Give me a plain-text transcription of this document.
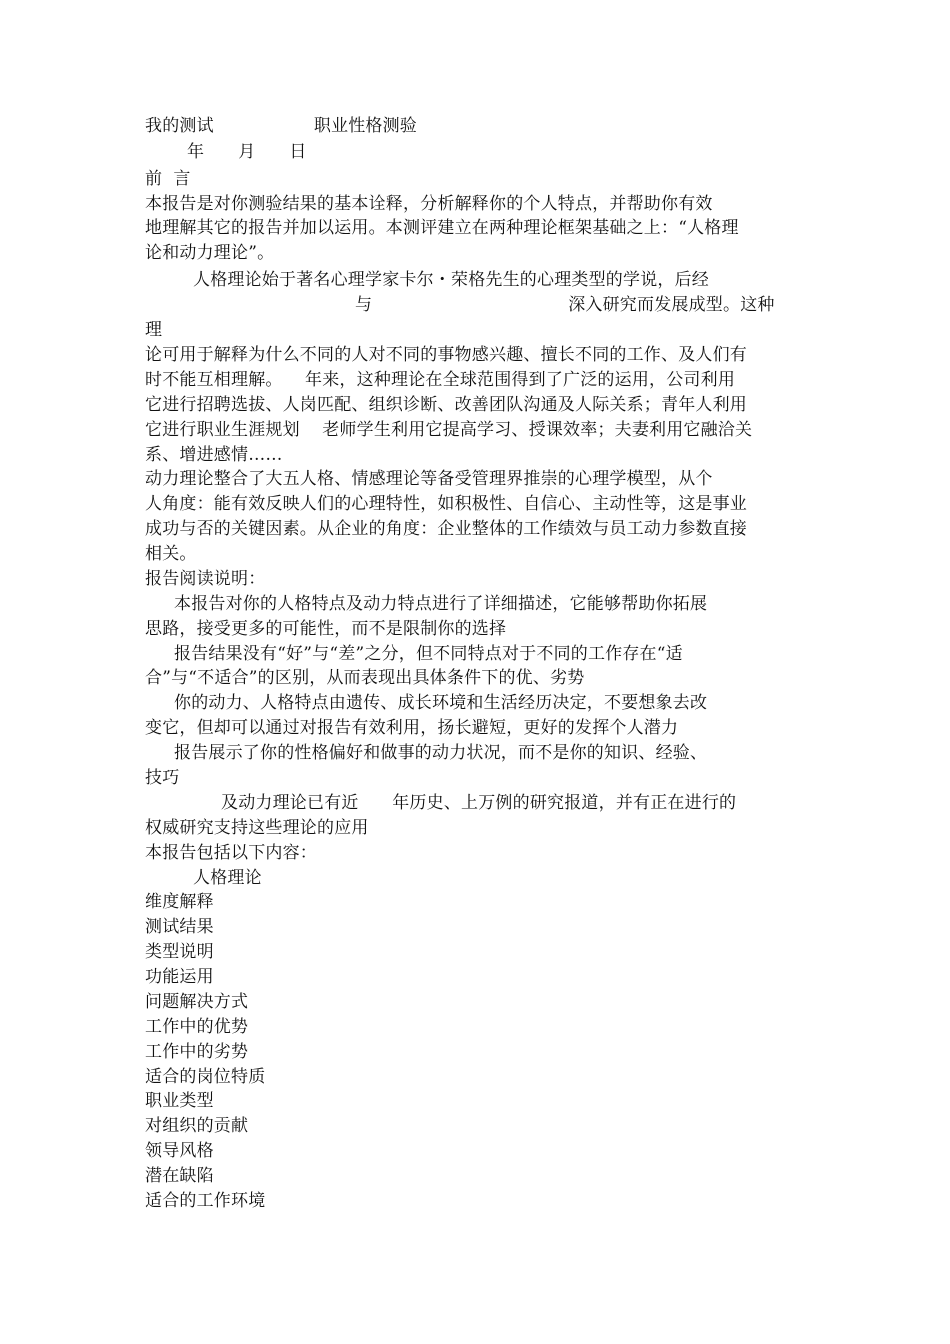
我的测试	职业性格测验
年 月 日
前  言
本报告是对你测验结果的基本诠释，分析解释你的个人特点，并帮助你有效
地理解其它的报告并加以运用。本测评建立在两种理论框架基础之上：“人格理
论和动力理论”。
人格理论始于著名心理学家卡尔・荣格先生的心理类型的学说，后经
与	深入研究而发展成型。这种
理
论可用于解释为什么不同的人对不同的事物感兴趣、擅长不同的工作、及人们有
时不能互相理解。    年来，这种理论在全球范围得到了广泛的运用，公司利用
它进行招聘选拔、人岗匹配、组织诊断、改善团队沟通及人际关系；青年人利用
它进行职业生涯规划    老师学生利用它提高学习、授课效率；夫妻利用它融洽关
系、增进感情……
动力理论整合了大五人格、情感理论等备受管理界推崇的心理学模型，从个
人角度：能有效反映人们的心理特性，如积极性、自信心、主动性等，这是事业
成功与否的关键因素。从企业的角度：企业整体的工作绩效与员工动力参数直接
相关。
报告阅读说明：
本报告对你的人格特点及动力特点进行了详细描述，它能够帮助你拓展
思路，接受更多的可能性，而不是限制你的选择
报告结果没有“好”与“差”之分，但不同特点对于不同的工作存在“适
合”与“不适合”的区别，从而表现出具体条件下的优、劣势
你的动力、人格特点由遗传、成长环境和生活经历决定，不要想象去改
变它，但却可以通过对报告有效利用，扬长避短，更好的发挥个人潜力
报告展示了你的性格偏好和做事的动力状况，而不是你的知识、经验、
技巧
及动力理论已有近      年历史、上万例的研究报道，并有正在进行的
权威研究支持这些理论的应用
本报告包括以下内容：
人格理论
维度解释
测试结果
类型说明
功能运用
问题解决方式
工作中的优势
工作中的劣势
适合的岗位特质
职业类型
对组织的贡献
领导风格
潜在缺陷
适合的工作环境
